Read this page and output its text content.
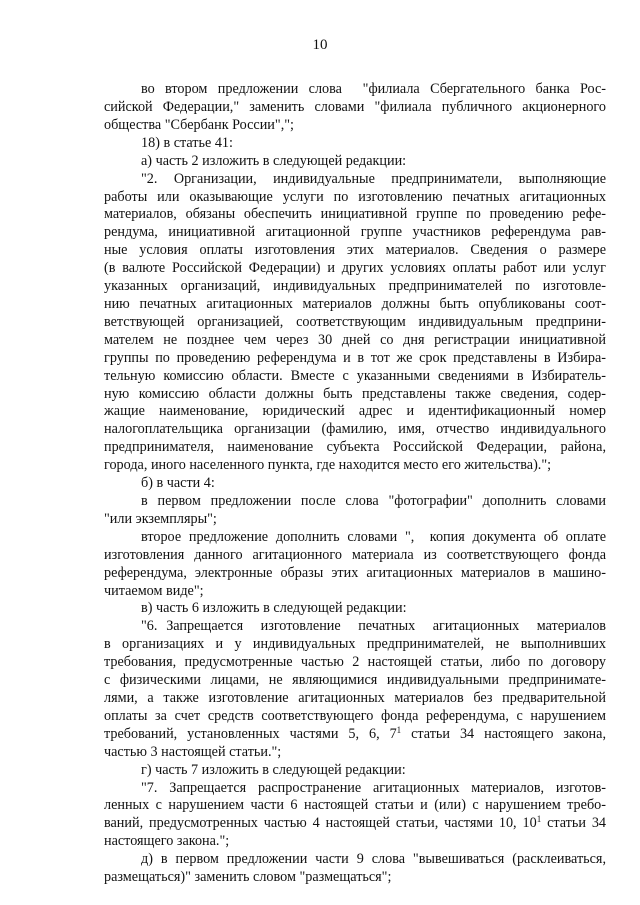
10
во втором предложении слова  "филиала Сбергательного банка Рос-
сийской Федерации," заменить словами "филиала публичного акционерного
общества "Сбербанк России",";
18) в статье 41:
а) часть 2 изложить в следующей редакции:
"2. Организации, индивидуальные предприниматели, выполняющие
работы или оказывающие услуги по изготовлению печатных агитационных
материалов, обязаны обеспечить инициативной группе по проведению рефе-
рендума, инициативной агитационной группе участников референдума рав-
ные условия оплаты изготовления этих материалов. Сведения о размере
(в валюте Российской Федерации) и других условиях оплаты работ или услуг
указанных организаций, индивидуальных предпринимателей по изготовле-
нию печатных агитационных материалов должны быть опубликованы соот-
ветствующей организацией, соответствующим индивидуальным предприни-
мателем не позднее чем через 30 дней со дня регистрации инициативной
группы по проведению референдума и в тот же срок представлены в Избира-
тельную комиссию области. Вместе с указанными сведениями в Избиратель-
ную комиссию области должны быть представлены также сведения, содер-
жащие наименование, юридический адрес и идентификационный номер
налогоплательщика организации (фамилию, имя, отчество индивидуального
предпринимателя, наименование субъекта Российской Федерации, района,
города, иного населенного пункта, где находится место его жительства).";
б) в части 4:
в первом предложении после слова "фотографии" дополнить словами
"или экземпляры";
второе предложение дополнить словами ",  копия документа об оплате
изготовления данного агитационного материала из соответствующего фонда
референдума, электронные образы этих агитационных материалов в машино-
читаемом виде";
в) часть 6 изложить в следующей редакции:
"6. Запрещается  изготовление  печатных  агитационных  материалов
в организациях и у индивидуальных предпринимателей, не выполнивших
требования, предусмотренные частью 2 настоящей статьи, либо по договору
с физическими лицами, не являющимися индивидуальными предпринимате-
лями, а также изготовление агитационных материалов без предварительной
оплаты за счет средств соответствующего фонда референдума, с нарушением
требований, установленных частями 5, 6, $7^1$ статьи 34 настоящего закона,
частью 3 настоящей статьи.";
г) часть 7 изложить в следующей редакции:
"7. Запрещается распространение агитационных материалов, изготов-
ленных с нарушением части 6 настоящей статьи и (или) с нарушением требо-
ваний, предусмотренных частью 4 настоящей статьи, частями 10, $10^1$ статьи 34
настоящего закона.";
д) в первом предложении части 9 слова "вывешиваться (расклеиваться,
размещаться)" заменить словом "размещаться";
